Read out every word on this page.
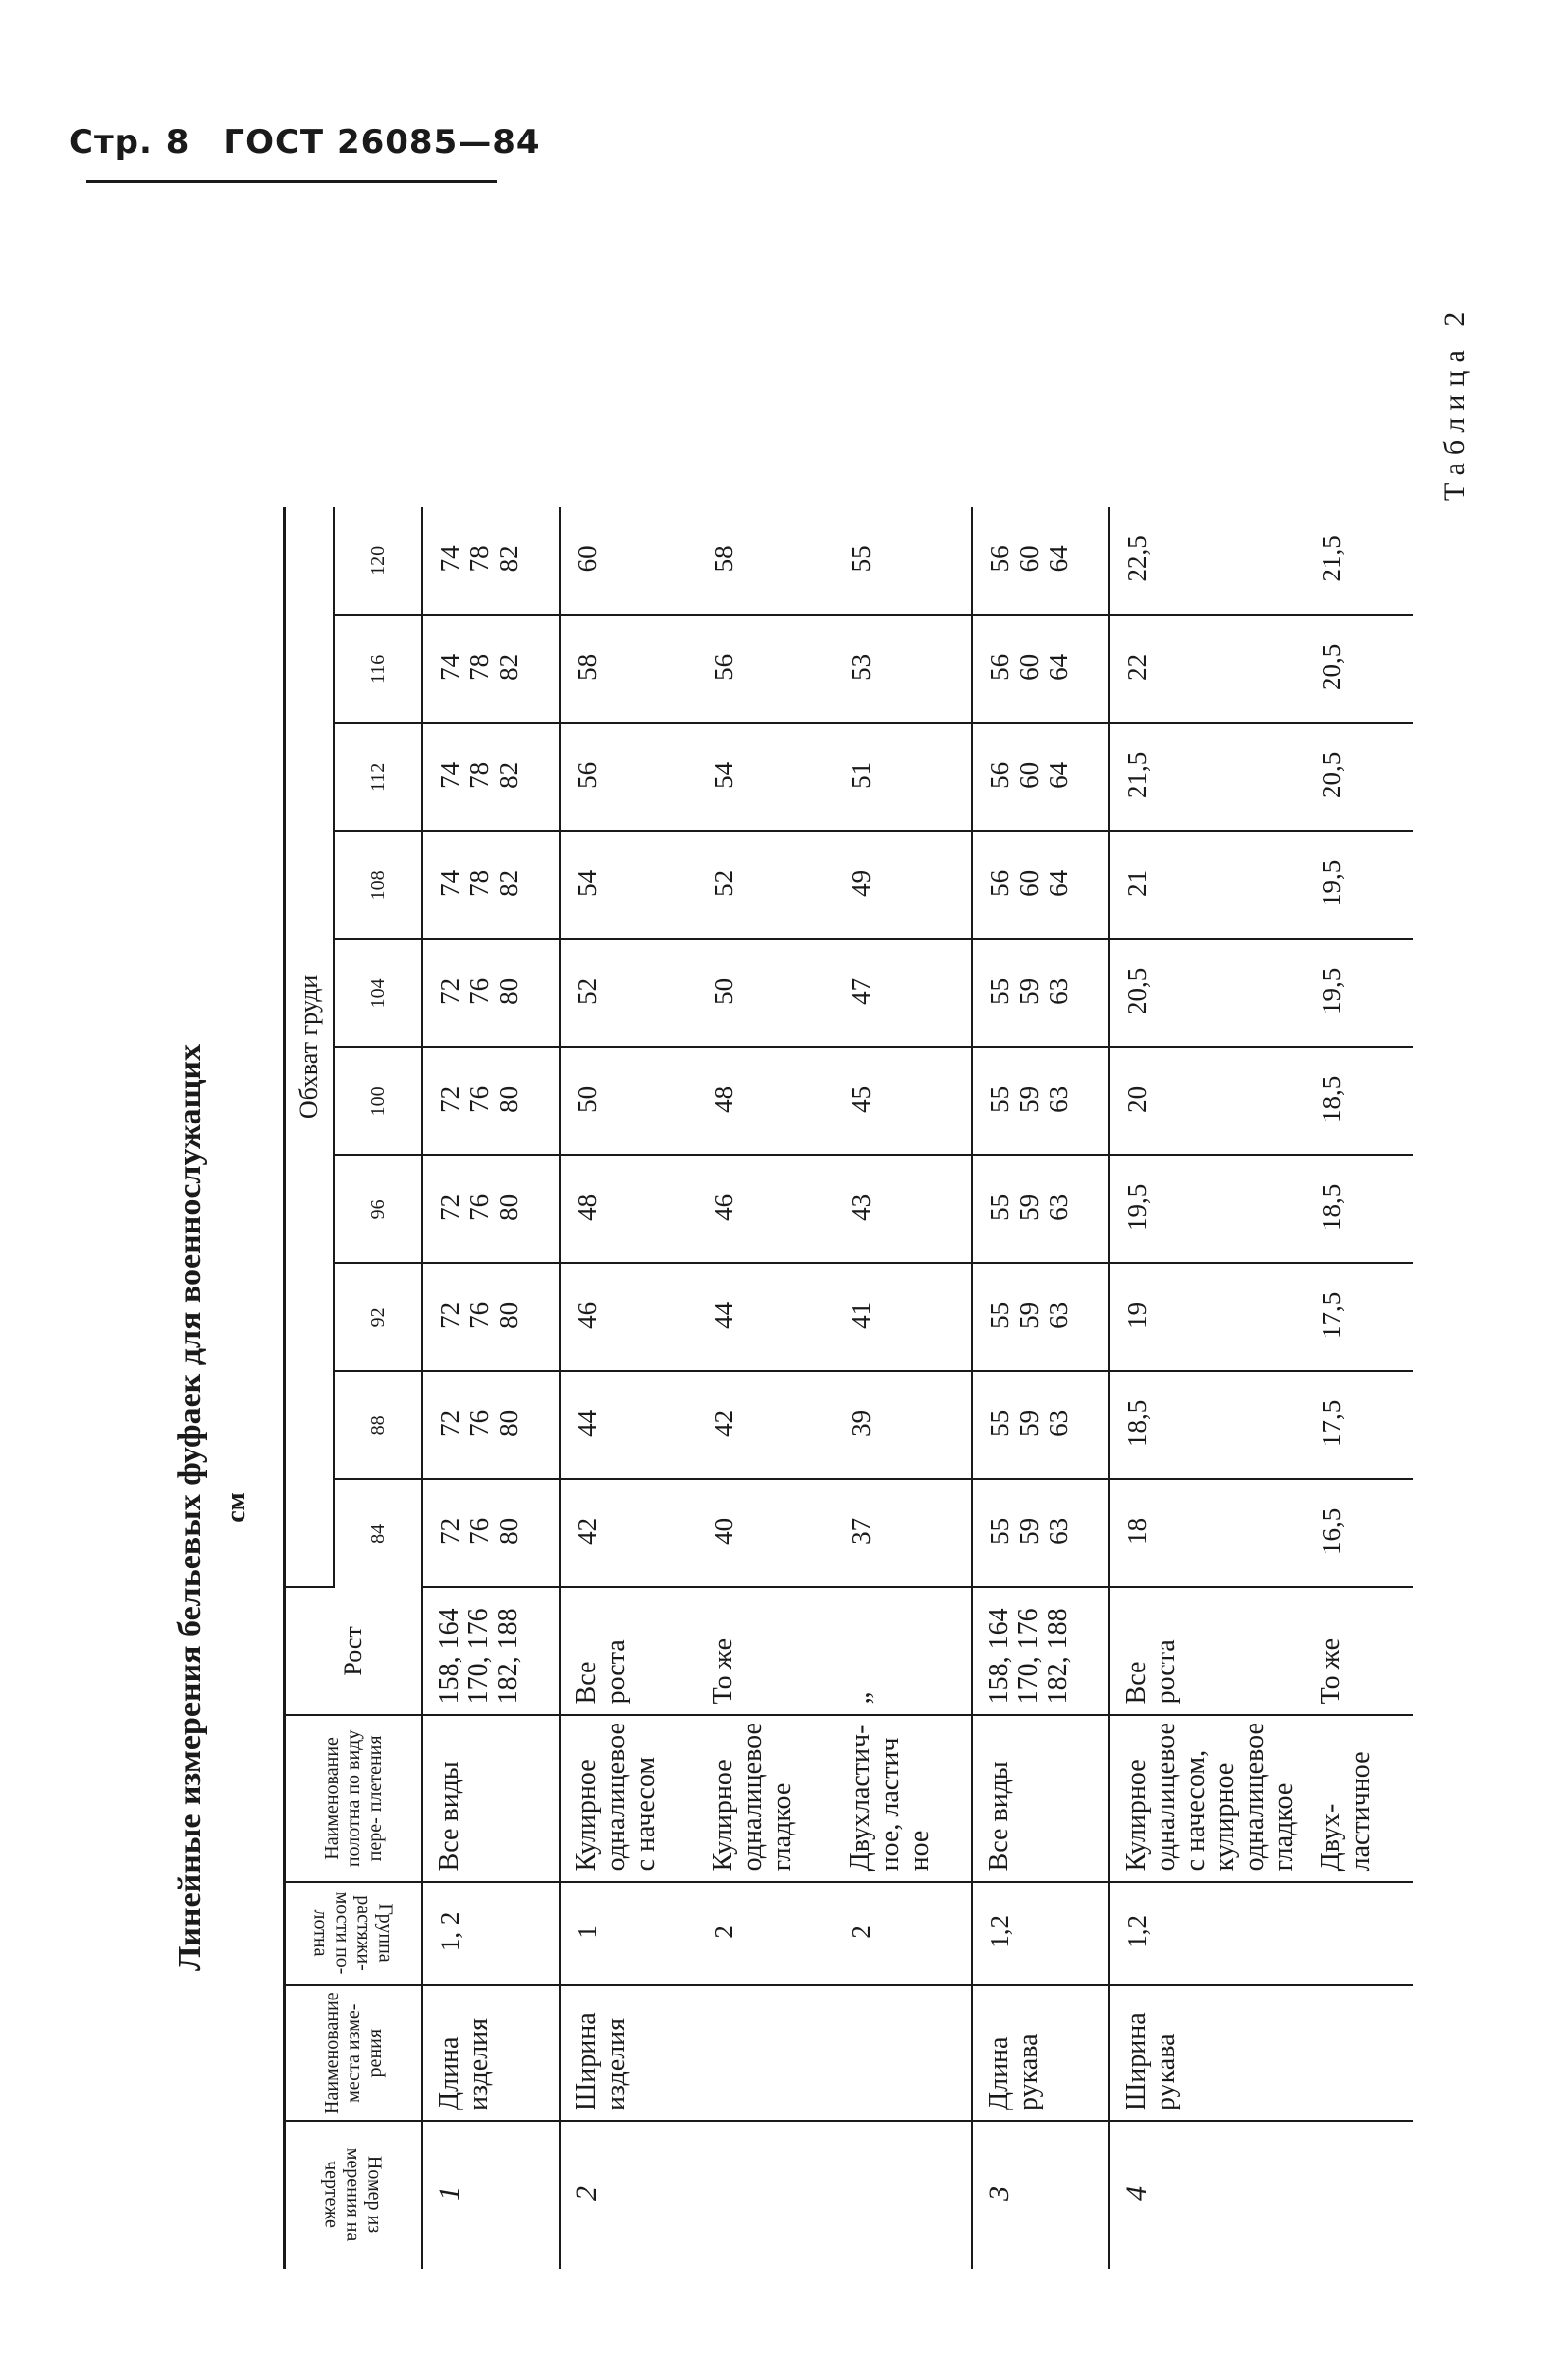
Стр. 8 ГОСТ 26085—84
Линейные измерения бельевых фуфаек для военнослужащих см
Таблица 2
Номер из мерения на чертеже	Наименование места изме- рения	Группа растяжи- мости по- лотна	Наименование полотна по виду пере- плетения	Рост	Обхват груди									
					84	88	92	96	100	104	108	112	116	120
1	Длина изделия	1, 2	Все виды	158, 164
170, 176
182, 188	72
76
80	72
76
80	72
76
80	72
76
80	72
76
80	72
76
80	74
78
82	74
78
82	74
78
82	74
78
82
2	Ширина изделия	1	Кулирное одналицевое с начесом	Все роста	42	44	46	48	50	52	54	56	58	60
		2	Кулирное одналицевое гладкое	То же	40	42	44	46	48	50	52	54	56	58
		2	Двухластич- ное, ластич ное	„	37	39	41	43	45	47	49	51	53	55
3	Длина рукава	1,2	Все виды	158, 164
170, 176
182, 188	55
59
63	55
59
63	55
59
63	55
59
63	55
59
63	55
59
63	56
60
64	56
60
64	56
60
64	56
60
64
4	Ширина рукава	1,2	Кулирное одналицевое с начесом, кулирное одналицевое гладкое	Все роста	18	18,5	19	19,5	20	20,5	21	21,5	22	22,5
			Двух- ластичное	То же	16,5	17,5	17,5	18,5	18,5	19,5	19,5	20,5	20,5	21,5
